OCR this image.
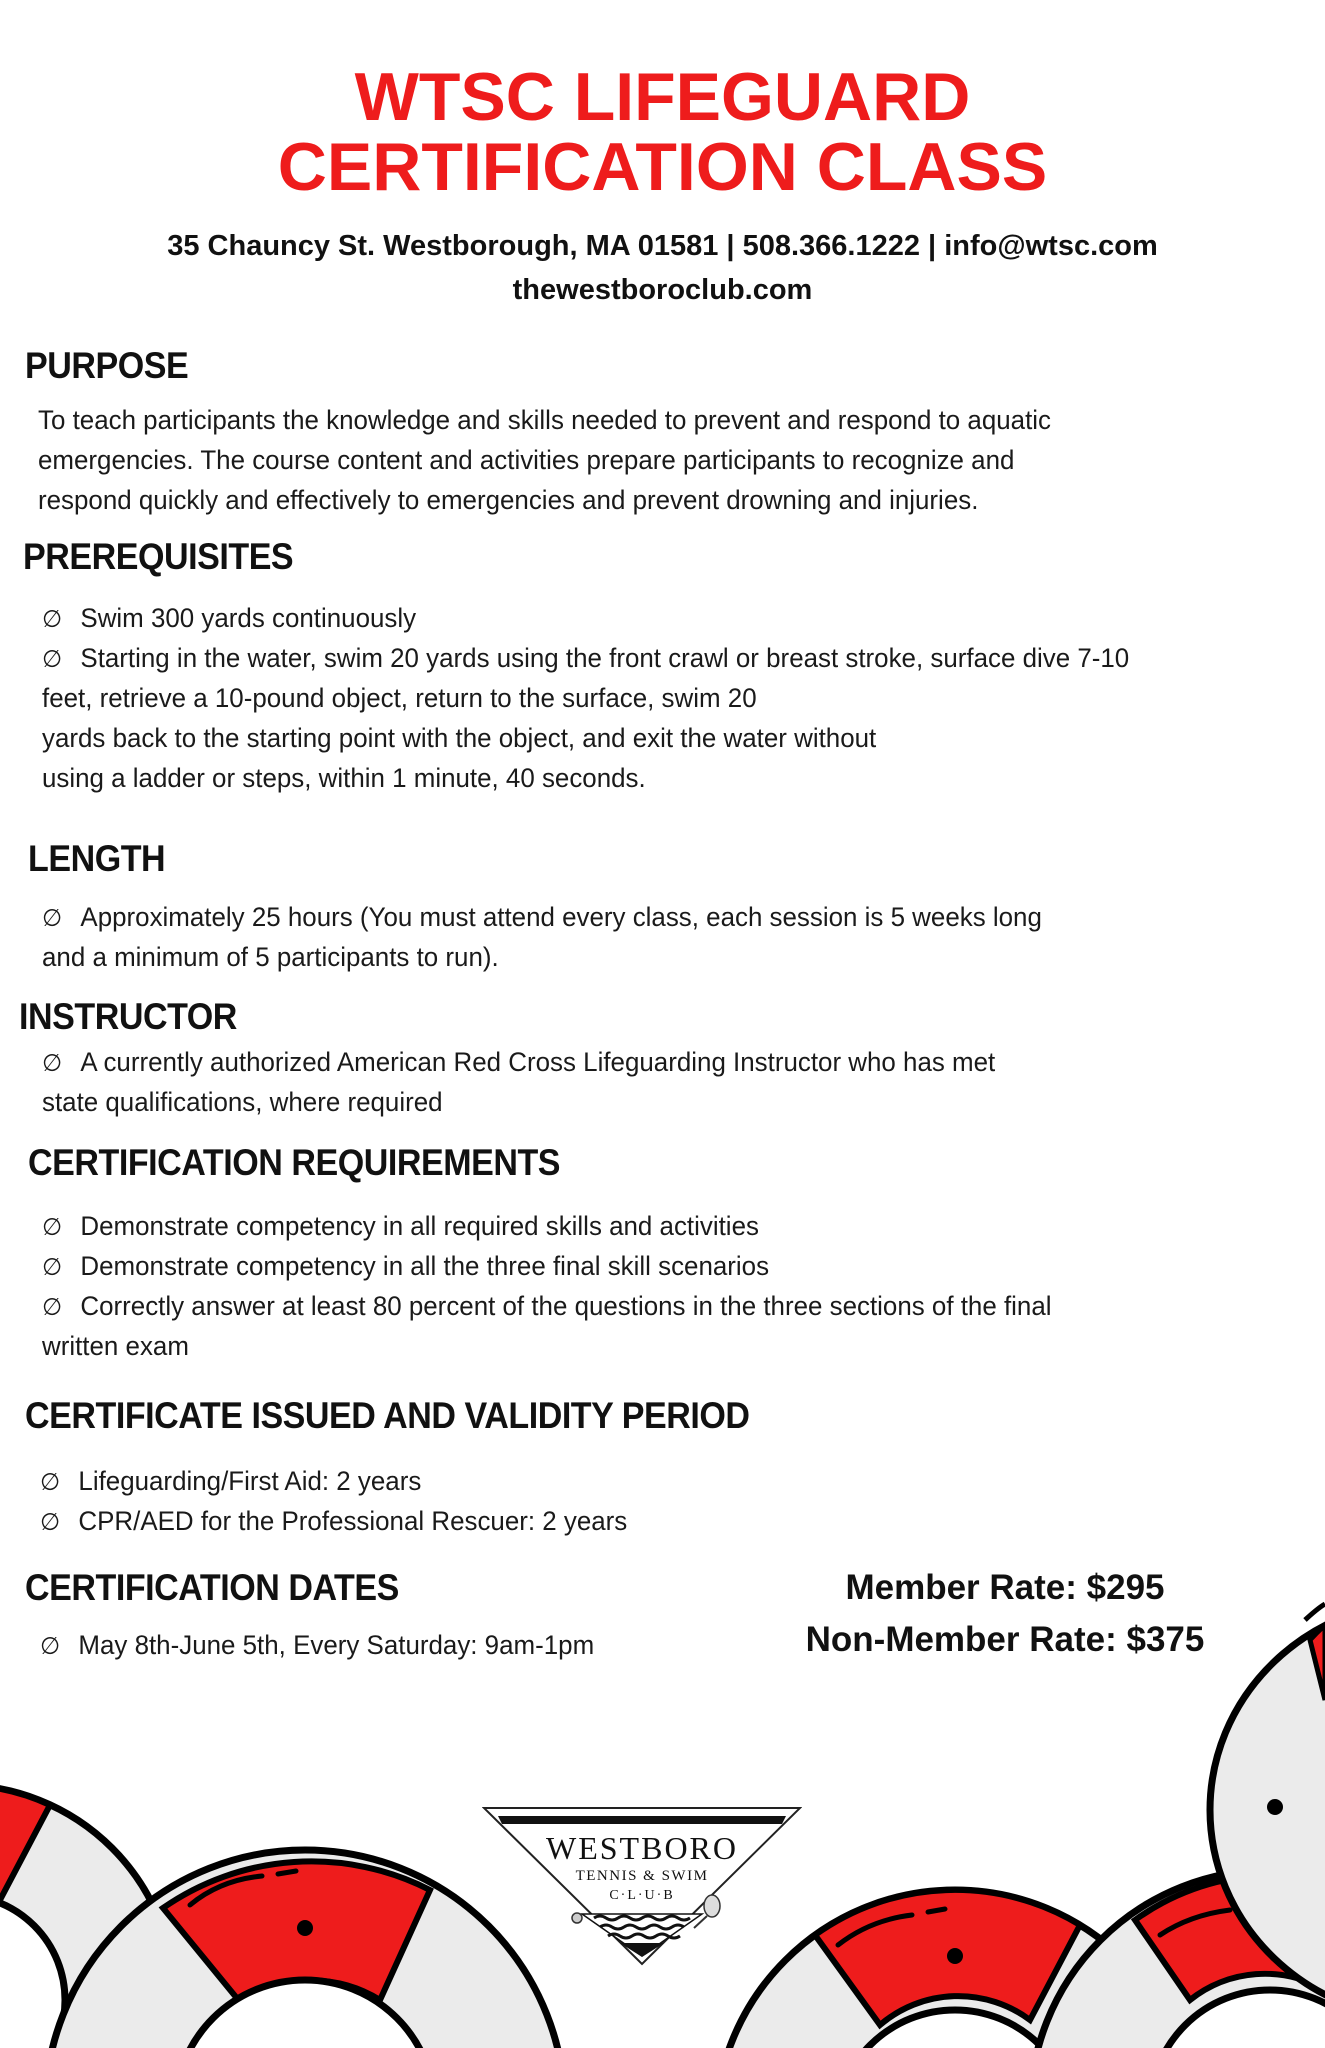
WTSC LIFEGUARD
CERTIFICATION CLASS
35 Chauncy St. Westborough, MA 01581 | 508.366.1222 | info@wtsc.com
thewestboroclub.com
PURPOSE
To teach participants the knowledge and skills needed to prevent and respond to aquatic
emergencies. The course content and activities prepare participants to recognize and
respond quickly and effectively to emergencies and prevent drowning and injuries.
PREREQUISITES
∅ Swim 300 yards continuously
∅ Starting in the water, swim 20 yards using the front crawl or breast stroke, surface dive 7-10
feet, retrieve a 10-pound object, return to the surface, swim 20
yards back to the starting point with the object, and exit the water without
using a ladder or steps, within 1 minute, 40 seconds.
LENGTH
∅ Approximately 25 hours (You must attend every class, each session is 5 weeks long
and a minimum of 5 participants to run).
INSTRUCTOR
∅ A currently authorized American Red Cross Lifeguarding Instructor who has met
state qualifications, where required
CERTIFICATION REQUIREMENTS
∅ Demonstrate competency in all required skills and activities
∅ Demonstrate competency in all the three final skill scenarios
∅ Correctly answer at least 80 percent of the questions in the three sections of the final
written exam
CERTIFICATE ISSUED AND VALIDITY PERIOD
∅ Lifeguarding/First Aid: 2 years
∅ CPR/AED for the Professional Rescuer: 2 years
CERTIFICATION DATES
∅ May 8th-June 5th, Every Saturday: 9am-1pm
Member Rate: $295
Non-Member Rate: $375
WESTBORO
TENNIS & SWIM
C·L·U·B
